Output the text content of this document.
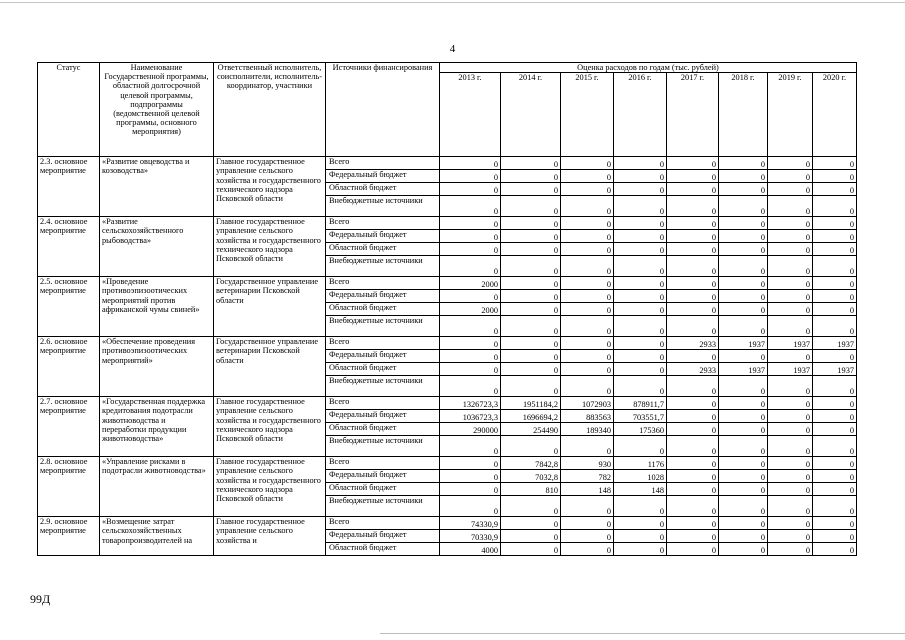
4
Статус	Наименование Государственной программы, областной долгосрочной целевой программы, подпрограммы (ведомственной целевой программы, основного мероприятия)	Ответственный исполнитель, соисполнители, исполнитель-координатор, участники	Источники финансирования	Оценка расходов по годам (тыс. рублей)							
				2013 г.	2014 г.	2015 г.	2016 г.	2017 г.	2018 г.	2019 г.	2020 г.
2.3. основное мероприятие	«Развитие овцеводства и козоводства»	Главное государственное управление сельского хозяйства и государственного технического надзора Псковской области	Всего	0	0	0	0	0	0	0	0
			Федеральный бюджет	0	0	0	0	0	0	0	0
			Областной бюджет	0	0	0	0	0	0	0	0
			Внебюджетные источники	0	0	0	0	0	0	0	0
2.4. основное мероприятие	«Развитие сельскохозяйственного рыбоводства»	Главное государственное управление сельского хозяйства и государственного технического надзора Псковской области	Всего	0	0	0	0	0	0	0	0
			Федеральный бюджет	0	0	0	0	0	0	0	0
			Областной бюджет	0	0	0	0	0	0	0	0
			Внебюджетные источники	0	0	0	0	0	0	0	0
2.5. основное мероприятие	«Проведение противоэпизоотических мероприятий против африканской чумы свиней»	Государственное управление ветеринарии Псковской области	Всего	2000	0	0	0	0	0	0	0
			Федеральный бюджет	0	0	0	0	0	0	0	0
			Областной бюджет	2000	0	0	0	0	0	0	0
			Внебюджетные источники	0	0	0	0	0	0	0	0
2.6. основное мероприятие	«Обеспечение проведения противоэпизоотических мероприятий»	Государственное управление ветеринарии Псковской области	Всего	0	0	0	0	2933	1937	1937	1937
			Федеральный бюджет	0	0	0	0	0	0	0	0
			Областной бюджет	0	0	0	0	2933	1937	1937	1937
			Внебюджетные источники	0	0	0	0	0	0	0	0
2.7. основное мероприятие	«Государственная поддержка кредитования подотрасли животноводства и переработки продукции животноводства»	Главное государственное управление сельского хозяйства и государственного технического надзора Псковской области	Всего	1326723,3	1951184,2	1072903	878911,7	0	0	0	0
			Федеральный бюджет	1036723,3	1696694,2	883563	703551,7	0	0	0	0
			Областной бюджет	290000	254490	189340	175360	0	0	0	0
			Внебюджетные источники	0	0	0	0	0	0	0	0
2.8. основное мероприятие	«Управление рисками в подотрасли животноводства»	Главное государственное управление сельского хозяйства и государственного технического надзора Псковской области	Всего	0	7842,8	930	1176	0	0	0	0
			Федеральный бюджет	0	7032,8	782	1028	0	0	0	0
			Областной бюджет	0	810	148	148	0	0	0	0
			Внебюджетные источники	0	0	0	0	0	0	0	0
2.9. основное мероприятие	«Возмещение затрат сельскохозяйственных товаропроизводителей на	Главное государственное управление сельского хозяйства и	Всего	74330,9	0	0	0	0	0	0	0
			Федеральный бюджет	70330,9	0	0	0	0	0	0	0
			Областной бюджет	4000	0	0	0	0	0	0	0
99Д
